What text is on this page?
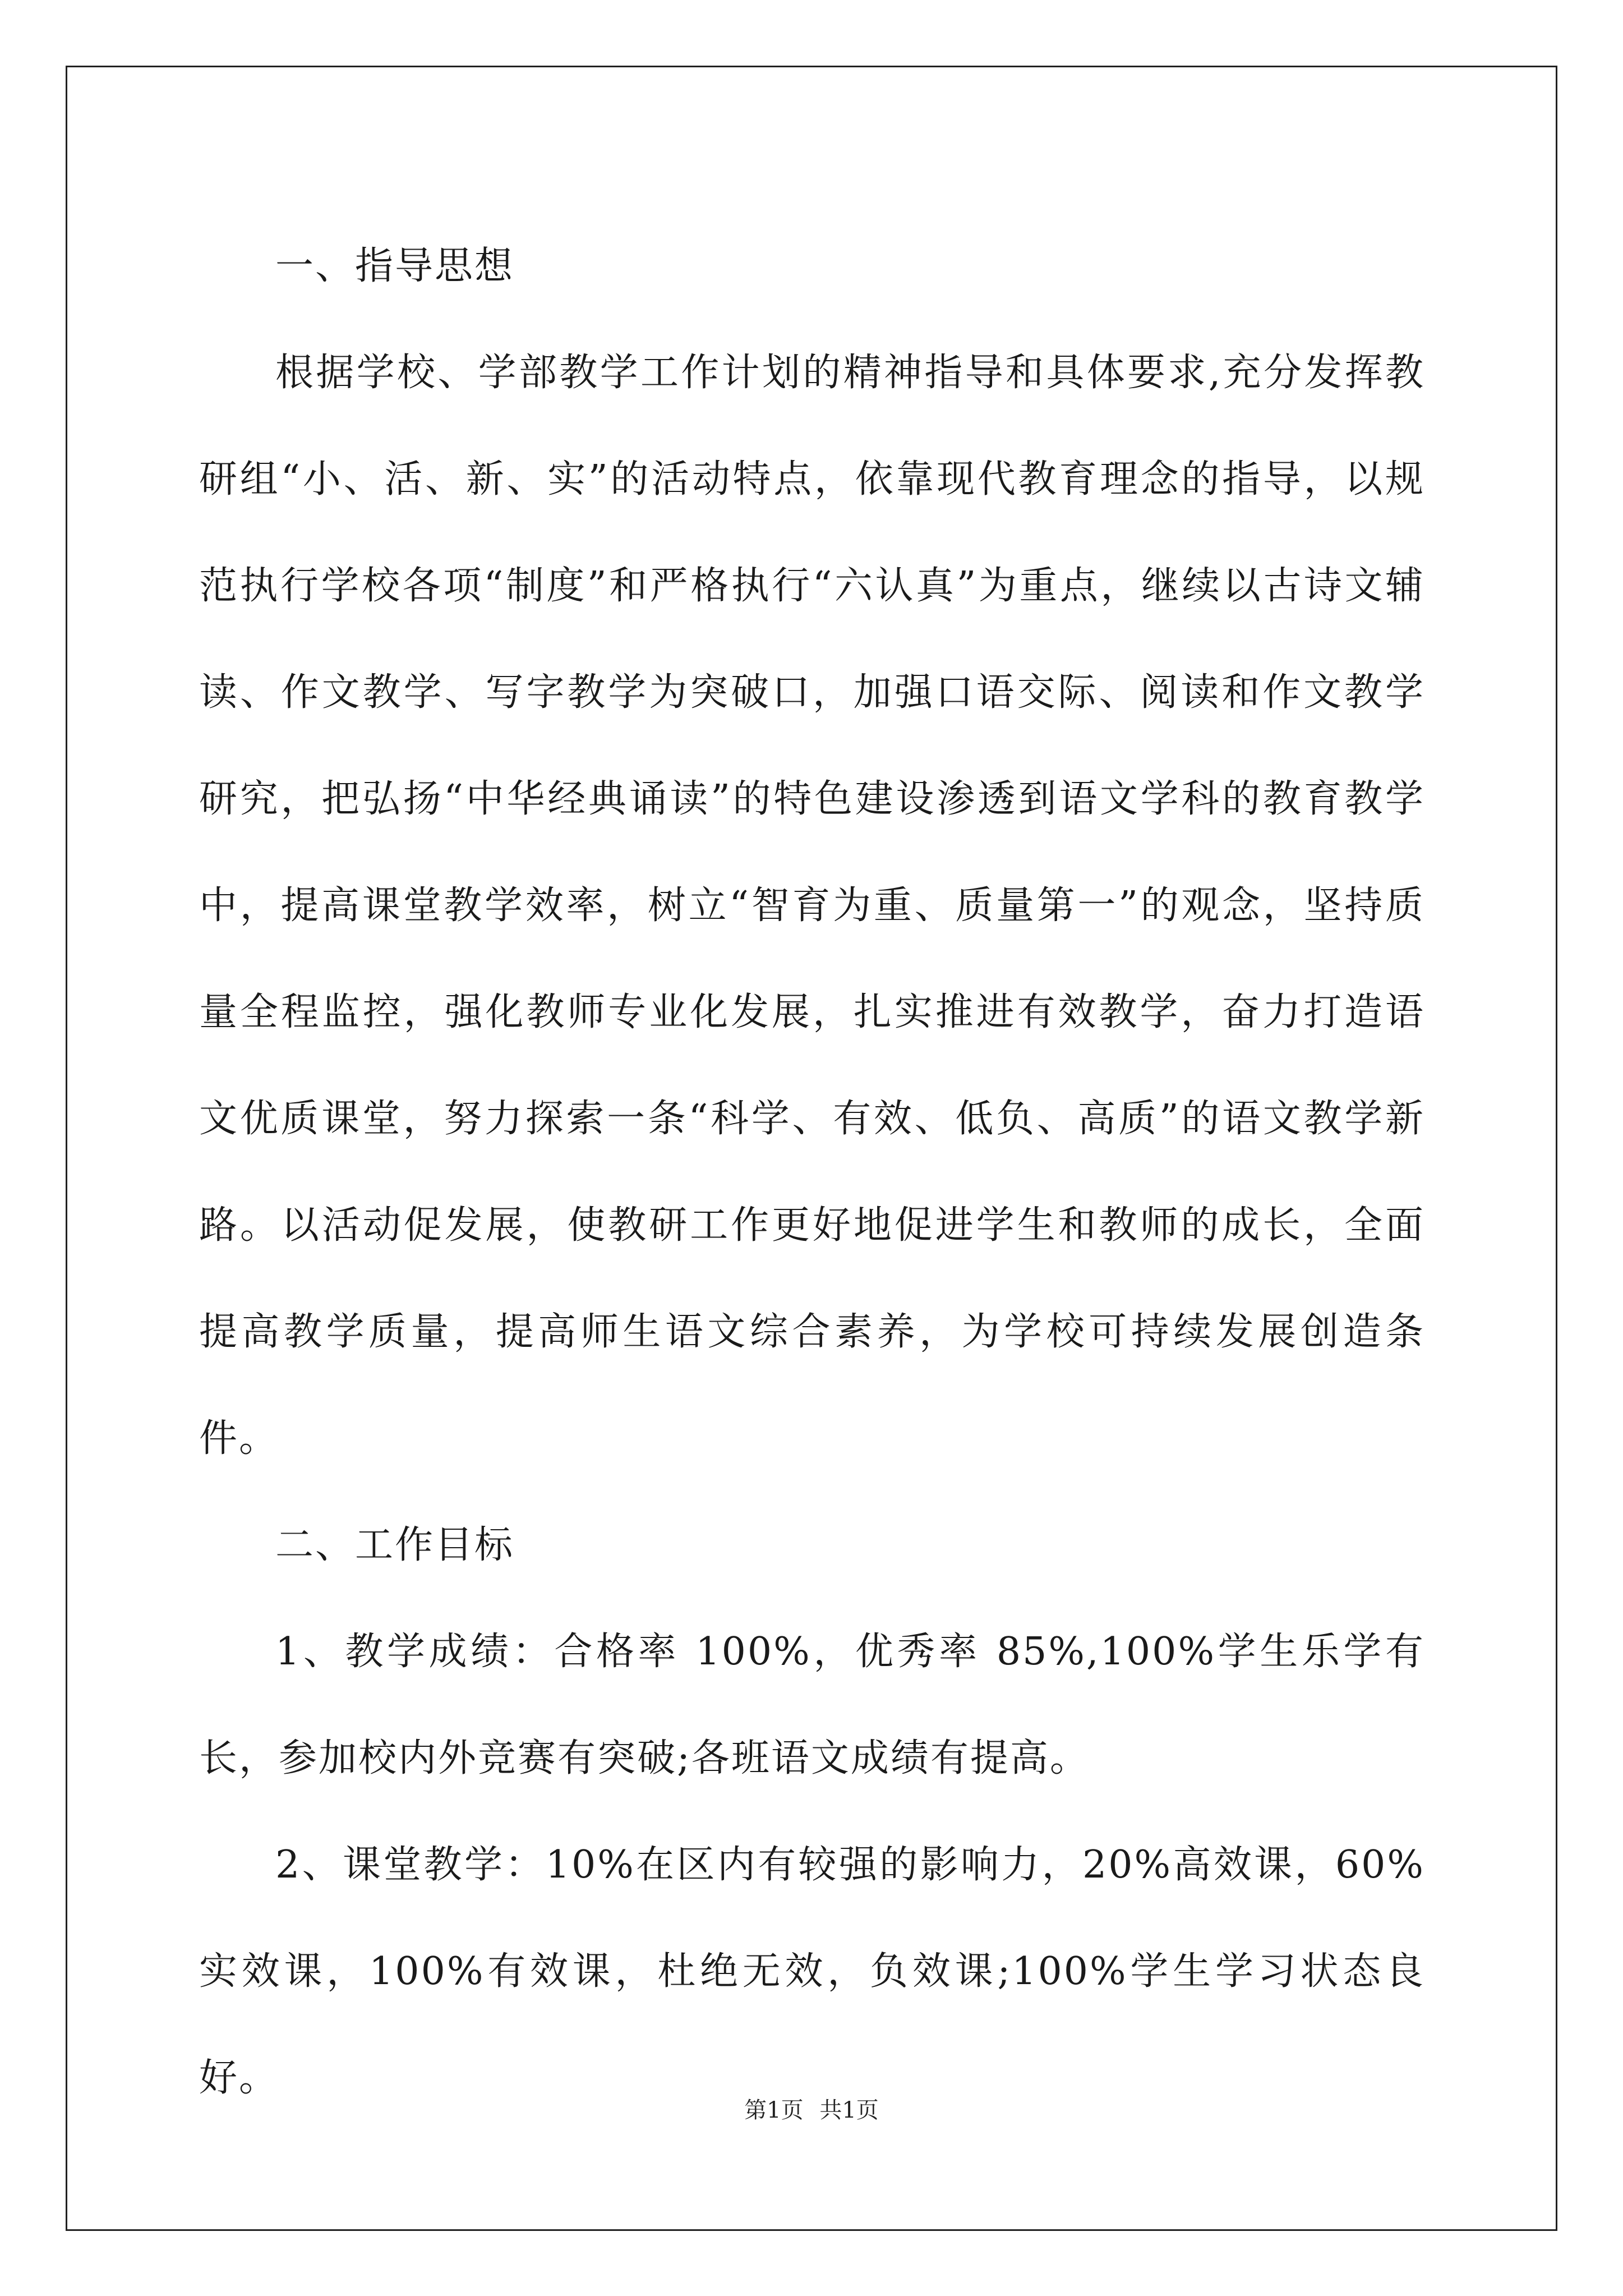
一、指导思想

根据学校、学部教学工作计划的精神指导和具体要求,充分发挥教研组“小、活、新、实”的活动特点，依靠现代教育理念的指导，以规范执行学校各项“制度”和严格执行“六认真”为重点，继续以古诗文辅读、作文教学、写字教学为突破口，加强口语交际、阅读和作文教学研究，把弘扬“中华经典诵读”的特色建设渗透到语文学科的教育教学中，提高课堂教学效率，树立“智育为重、质量第一”的观念，坚持质量全程监控，强化教师专业化发展，扎实推进有效教学，奋力打造语文优质课堂，努力探索一条“科学、有效、低负、高质”的语文教学新路。以活动促发展，使教研工作更好地促进学生和教师的成长，全面提高教学质量，提高师生语文综合素养，为学校可持续发展创造条件。

二、工作目标

1、教学成绩：合格率 100%，优秀率 85%,100%学生乐学有长，参加校内外竞赛有突破;各班语文成绩有提高。

2、课堂教学：10%在区内有较强的影响力，20%高效课，60%实效课，100%有效课，杜绝无效，负效课;100%学生学习状态良好。

第1页 共1页
